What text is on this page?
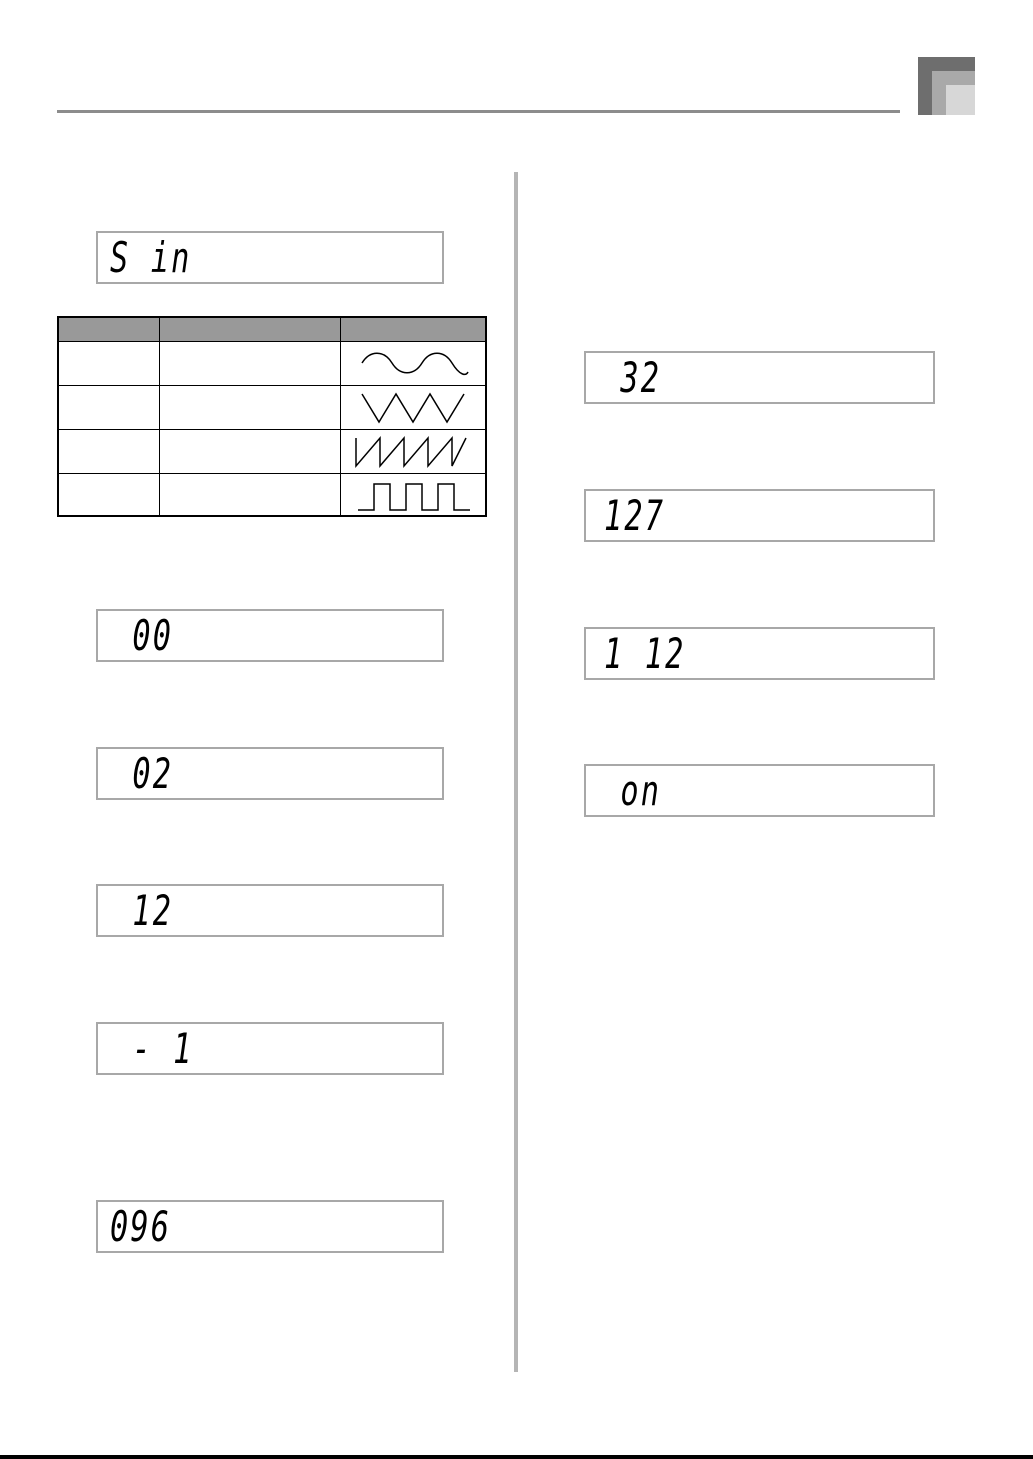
S in
00
02
12
- 1
096
32
127
1 12
on
